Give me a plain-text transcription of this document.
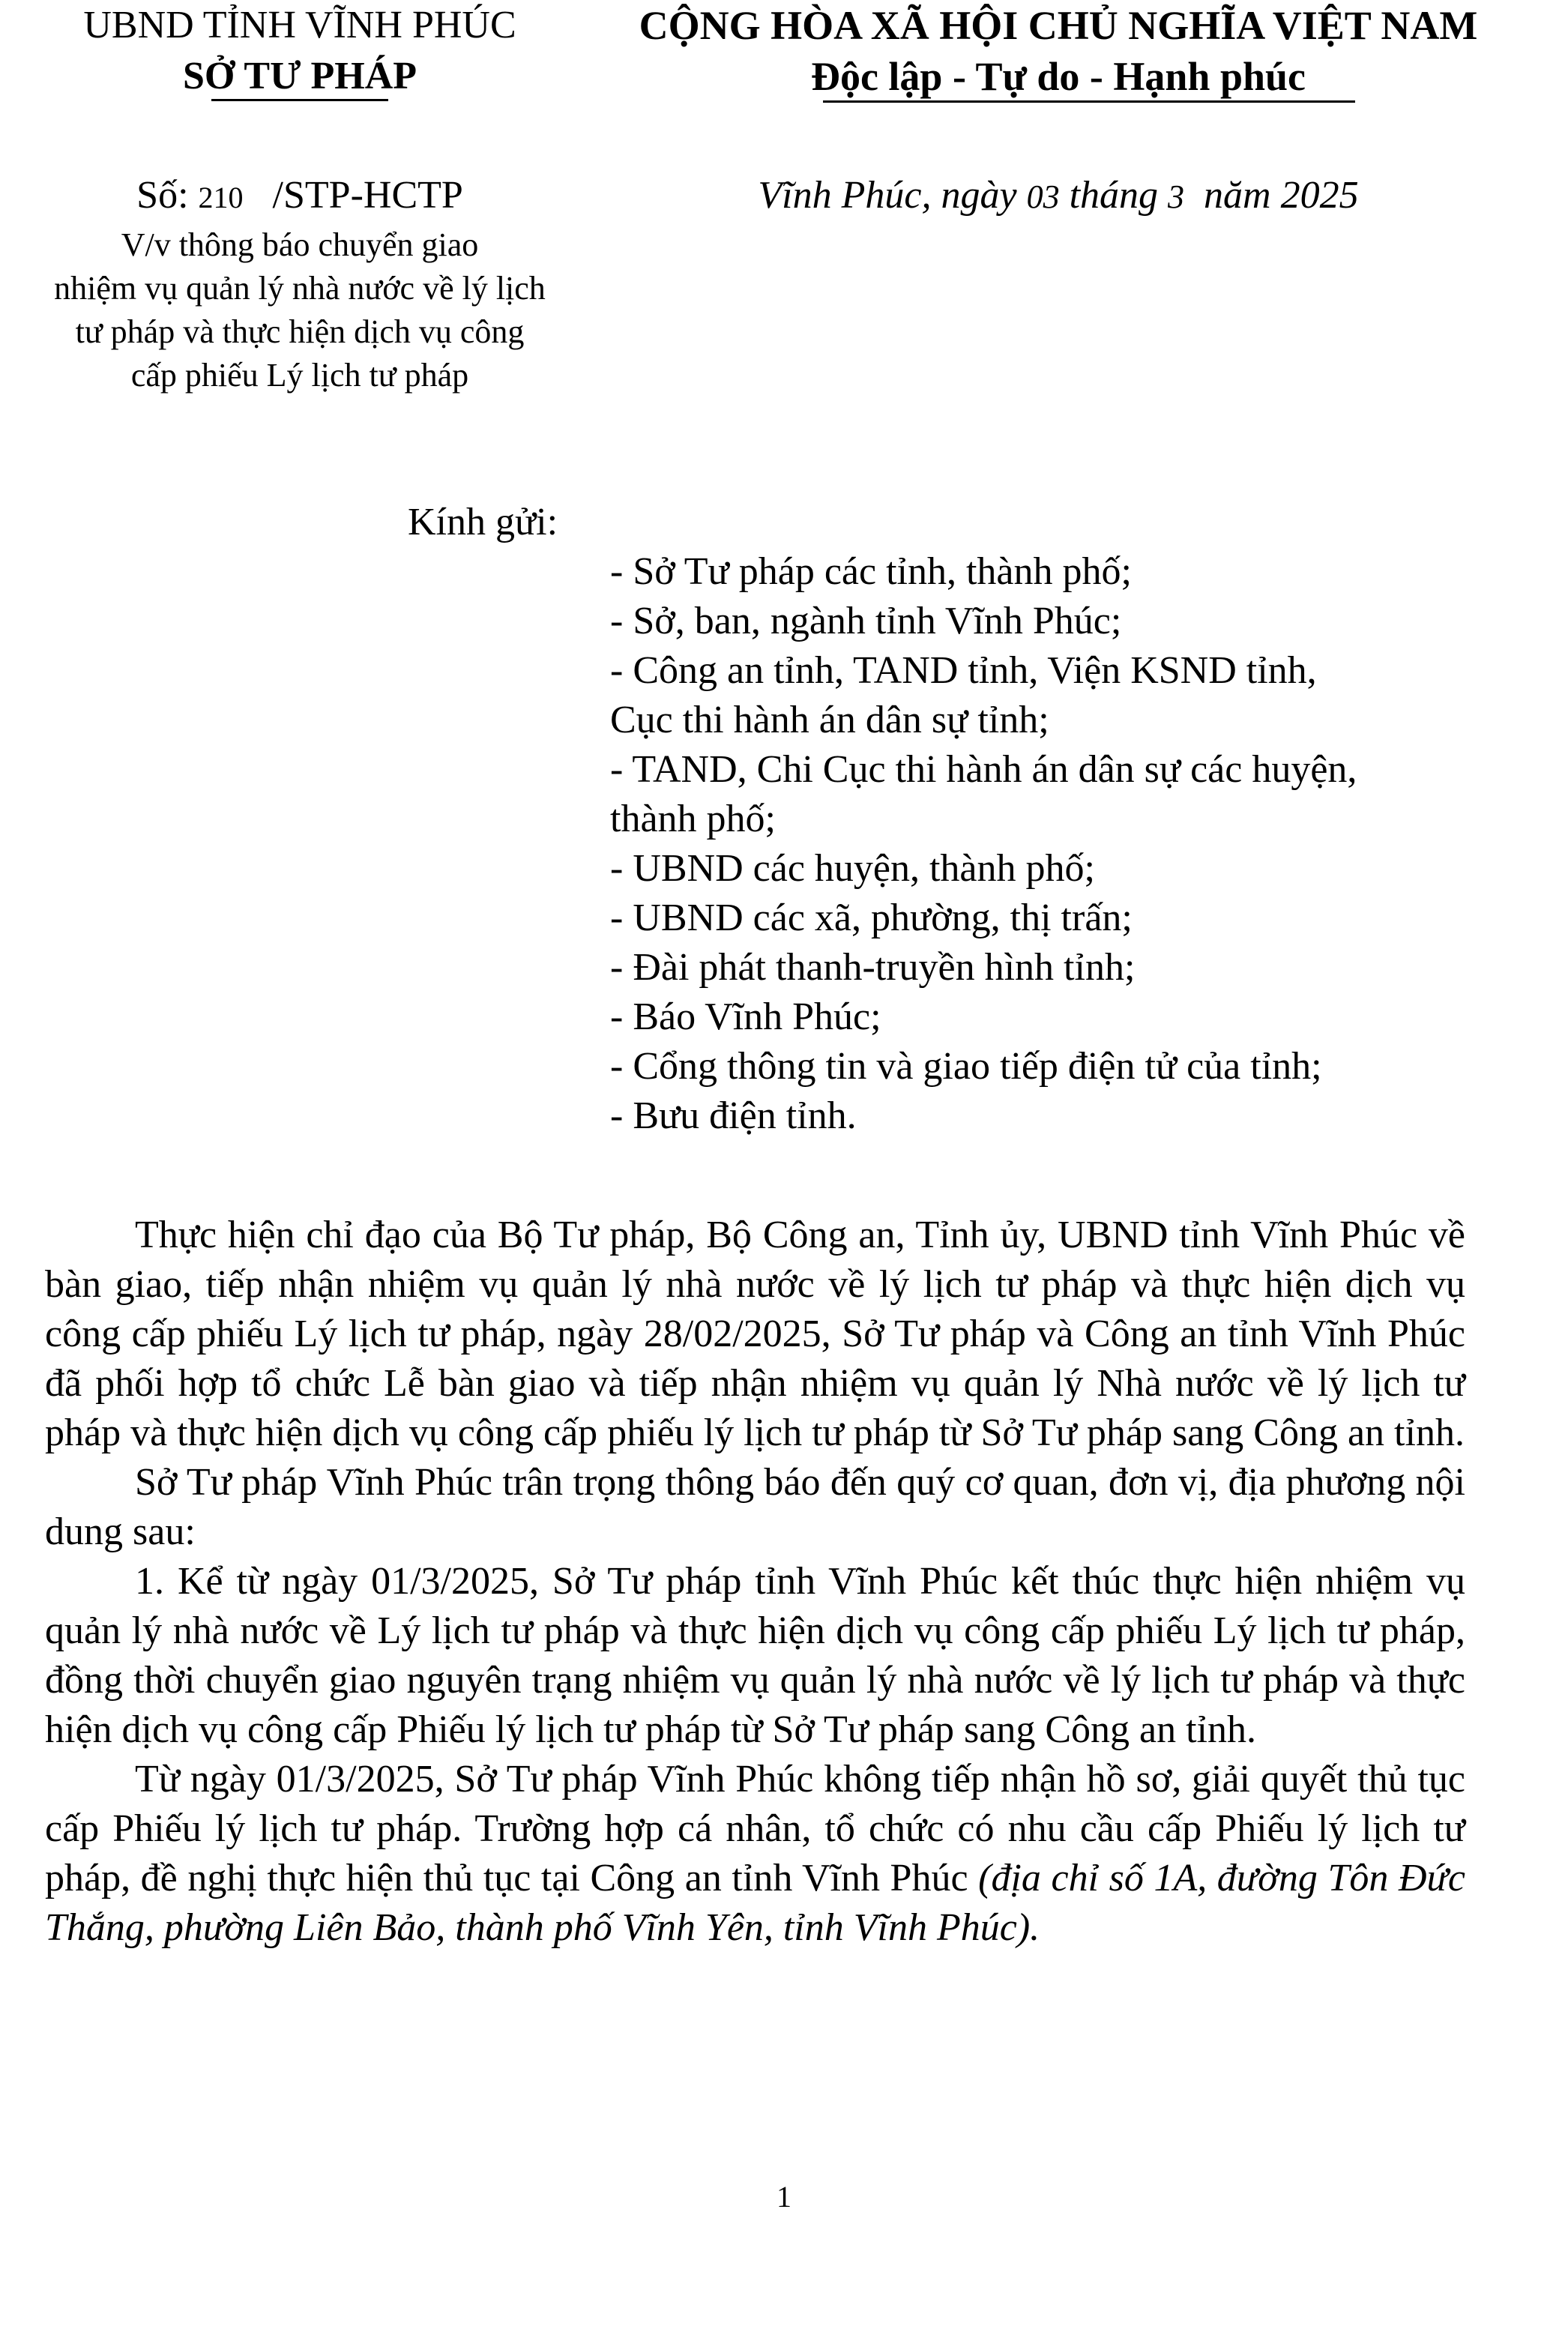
UBND TỈNH VĨNH PHÚC
SỞ TƯ PHÁP
CỘNG HÒA XÃ HỘI CHỦ NGHĨA VIỆT NAM
Độc lập - Tự do - Hạnh phúc
Số: 210 /STP-HCTP	Vĩnh Phúc, ngày 03 tháng 3 năm 2025
V/v thông báo chuyển giao
nhiệm vụ quản lý nhà nước về lý lịch
tư pháp và thực hiện dịch vụ công
cấp phiếu Lý lịch tư pháp
Kính gửi:
- Sở Tư pháp các tỉnh, thành phố;
- Sở, ban, ngành tỉnh Vĩnh Phúc;
- Công an tỉnh, TAND tỉnh, Viện KSND tỉnh,
Cục thi hành án dân sự tỉnh;
- TAND, Chi Cục thi hành án dân sự các huyện,
thành phố;
- UBND các huyện, thành phố;
- UBND các xã, phường, thị trấn;
- Đài phát thanh-truyền hình tỉnh;
- Báo Vĩnh Phúc;
- Cổng thông tin và giao tiếp điện tử của tỉnh;
- Bưu điện tỉnh.

Thực hiện chỉ đạo của Bộ Tư pháp, Bộ Công an, Tỉnh ủy, UBND tỉnh Vĩnh Phúc về bàn giao, tiếp nhận nhiệm vụ quản lý nhà nước về lý lịch tư pháp và thực hiện dịch vụ công cấp phiếu Lý lịch tư pháp, ngày 28/02/2025, Sở Tư pháp và Công an tỉnh Vĩnh Phúc đã phối hợp tổ chức Lễ bàn giao và tiếp nhận nhiệm vụ quản lý Nhà nước về lý lịch tư pháp và thực hiện dịch vụ công cấp phiếu lý lịch tư pháp từ Sở Tư pháp sang Công an tỉnh.

Sở Tư pháp Vĩnh Phúc trân trọng thông báo đến quý cơ quan, đơn vị, địa phương nội dung sau:

1. Kể từ ngày 01/3/2025, Sở Tư pháp tỉnh Vĩnh Phúc kết thúc thực hiện nhiệm vụ quản lý nhà nước về Lý lịch tư pháp và thực hiện dịch vụ công cấp phiếu Lý lịch tư pháp, đồng thời chuyển giao nguyên trạng nhiệm vụ quản lý nhà nước về lý lịch tư pháp và thực hiện dịch vụ công cấp Phiếu lý lịch tư pháp từ Sở Tư pháp sang Công an tỉnh.

Từ ngày 01/3/2025, Sở Tư pháp Vĩnh Phúc không tiếp nhận hồ sơ, giải quyết thủ tục cấp Phiếu lý lịch tư pháp. Trường hợp cá nhân, tổ chức có nhu cầu cấp Phiếu lý lịch tư pháp, đề nghị thực hiện thủ tục tại Công an tỉnh Vĩnh Phúc (địa chỉ số 1A, đường Tôn Đức Thắng, phường Liên Bảo, thành phố Vĩnh Yên, tỉnh Vĩnh Phúc).

1
